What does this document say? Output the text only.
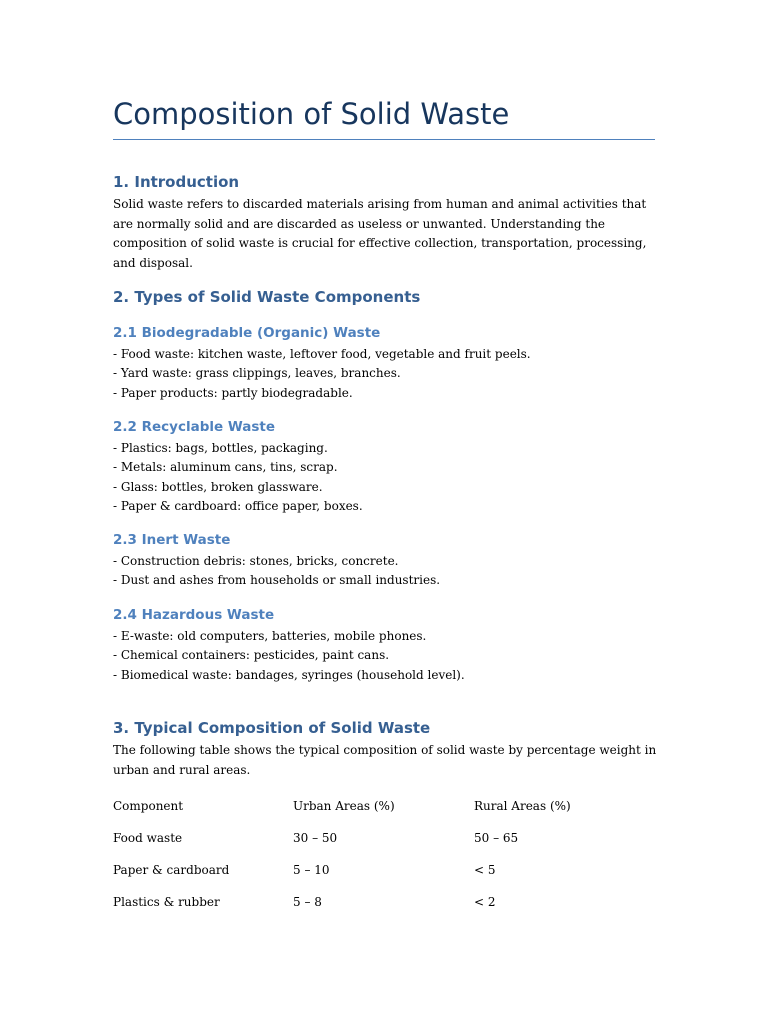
Composition of Solid Waste
1. Introduction

Solid waste refers to discarded materials arising from human and animal activities that are normally solid and are discarded as useless or unwanted. Understanding the composition of solid waste is crucial for effective collection, transportation, processing, and disposal.

2. Types of Solid Waste Components
2.1 Biodegradable (Organic) Waste
- Food waste: kitchen waste, leftover food, vegetable and fruit peels.
- Yard waste: grass clippings, leaves, branches.
- Paper products: partly biodegradable.
2.2 Recyclable Waste
- Plastics: bags, bottles, packaging.
- Metals: aluminum cans, tins, scrap.
- Glass: bottles, broken glassware.
- Paper & cardboard: office paper, boxes.
2.3 Inert Waste
- Construction debris: stones, bricks, concrete.
- Dust and ashes from households or small industries.
2.4 Hazardous Waste
- E-waste: old computers, batteries, mobile phones.
- Chemical containers: pesticides, paint cans.
- Biomedical waste: bandages, syringes (household level).
3. Typical Composition of Solid Waste

The following table shows the typical composition of solid waste by percentage weight in urban and rural areas.

Component	Urban Areas (%)	Rural Areas (%)
Food waste	30 – 50	50 – 65
Paper & cardboard	5 – 10	< 5
Plastics & rubber	5 – 8	< 2
